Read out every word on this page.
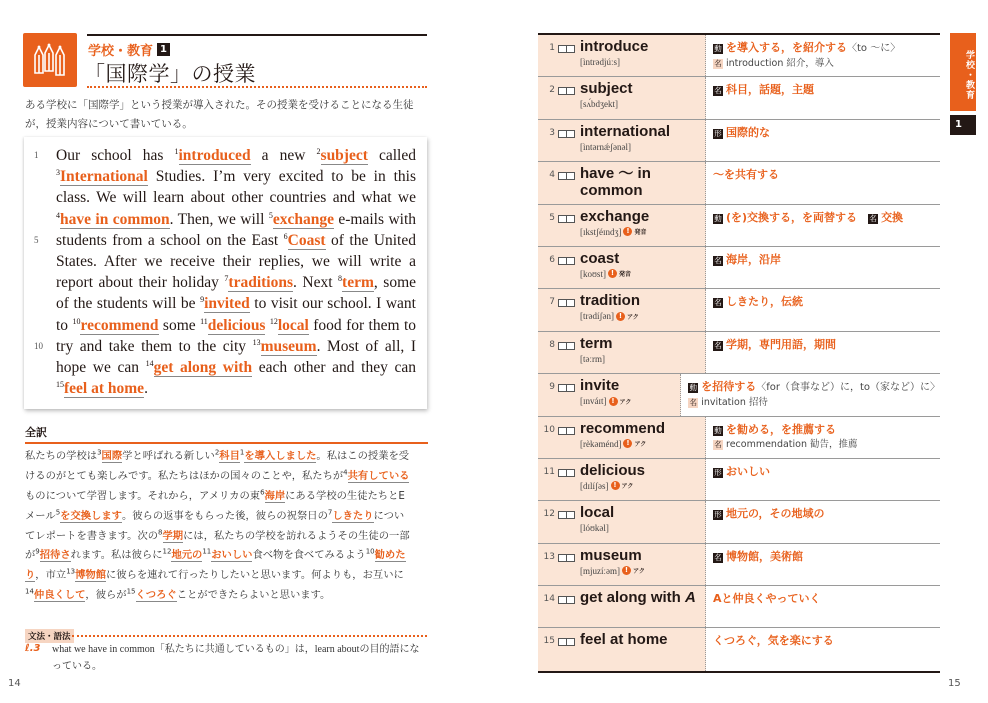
学校・教育 1
「国際学」の授業
ある学校に「国際学」という授業が導入された。その授業を受けることになる生徒が，授業内容について書いている。
1
5
10
Our school has $^1$introduced a new $^2$subject called
$^3$International Studies. I’m very excited to be in this
class. We will learn about other countries and what we
$^4$have in common. Then, we will $^5$exchange e-mails with
students from a school on the East $^6$Coast of the United
States. After we receive their replies, we will write a
report about their holiday $^7$traditions. Next $^8$term, some
of the students will be $^9$invited to visit our school. I want
to $^{10}$recommend some $^{11}$delicious $^{12}$local food for them to
try and take them to the city $^{13}$museum. Most of all, I
hope we can $^{14}$get along with each other and they can
$^{15}$feel at home.
全訳
私たちの学校は$^3$国際学と呼ばれる新しい$^2$科目$^1$を導入しました。私はこの授業を受
けるのがとても楽しみです。私たちはほかの国々のことや，私たちが$^4$共有している
ものについて学習します。それから，アメリカの東$^6$海岸にある学校の生徒たちとE
メール$^5$を交換します。彼らの返事をもらった後，彼らの祝祭日の$^7$しきたりについ
てレポートを書きます。次の$^8$学期には，私たちの学校を訪れるようその生徒の一部
が$^9$招待されます。私は彼らに$^{12}$地元の$^{11}$おいしい食べ物を食べてみるよう$^{10}$勧めた
り，市立$^{13}$博物館に彼らを連れて行ったりしたいと思います。何よりも，お互いに
$^{14}$仲良くして，彼らが$^{15}$くつろぐことができたらよいと思います。
文法・語法
ℓ.3 what we have in common「私たちに共通しているもの」は，learn aboutの目的語になっている。
14
1 introduce
[ìntrədjúːs]
動 を導入する，を紹介する〈to ～に〉
名 introduction 紹介，導入
2 subject
[sʌ́bdʒekt]
名 科目，話題，主題
3 international
[ìntərnǽʃənəl]
形 国際的な
4 have ～ in
common
～を共有する
5 exchange
[ɪkstʃéɪndʒ] ! 発音
動 (を)交換する，を両替する　 名 交換
6 coast
[koʊst] ! 発音
名 海岸，沿岸
7 tradition
[trədíʃən] ! アク
名 しきたり，伝統
8 term
[təːrm]
名 学期，専門用語，期間
9 invite
[ɪnváɪt] ! アク
動 を招待する〈for（食事など）に，to（家など）に〉
名 invitation 招待
10 recommend
[rèkəménd] ! アク
動 を勧める，を推薦する
名 recommendation 勧告，推薦
11 delicious
[dɪlíʃəs] ! アク
形 おいしい
12 local
[lóʊkəl]
形 地元の，その地域の
13 museum
[mjuzíːəm] ! アク
名 博物館，美術館
14 get along with A Aと仲良くやっていく
15 feel at home	くつろぐ，気を楽にする
学校・教育
1
15
